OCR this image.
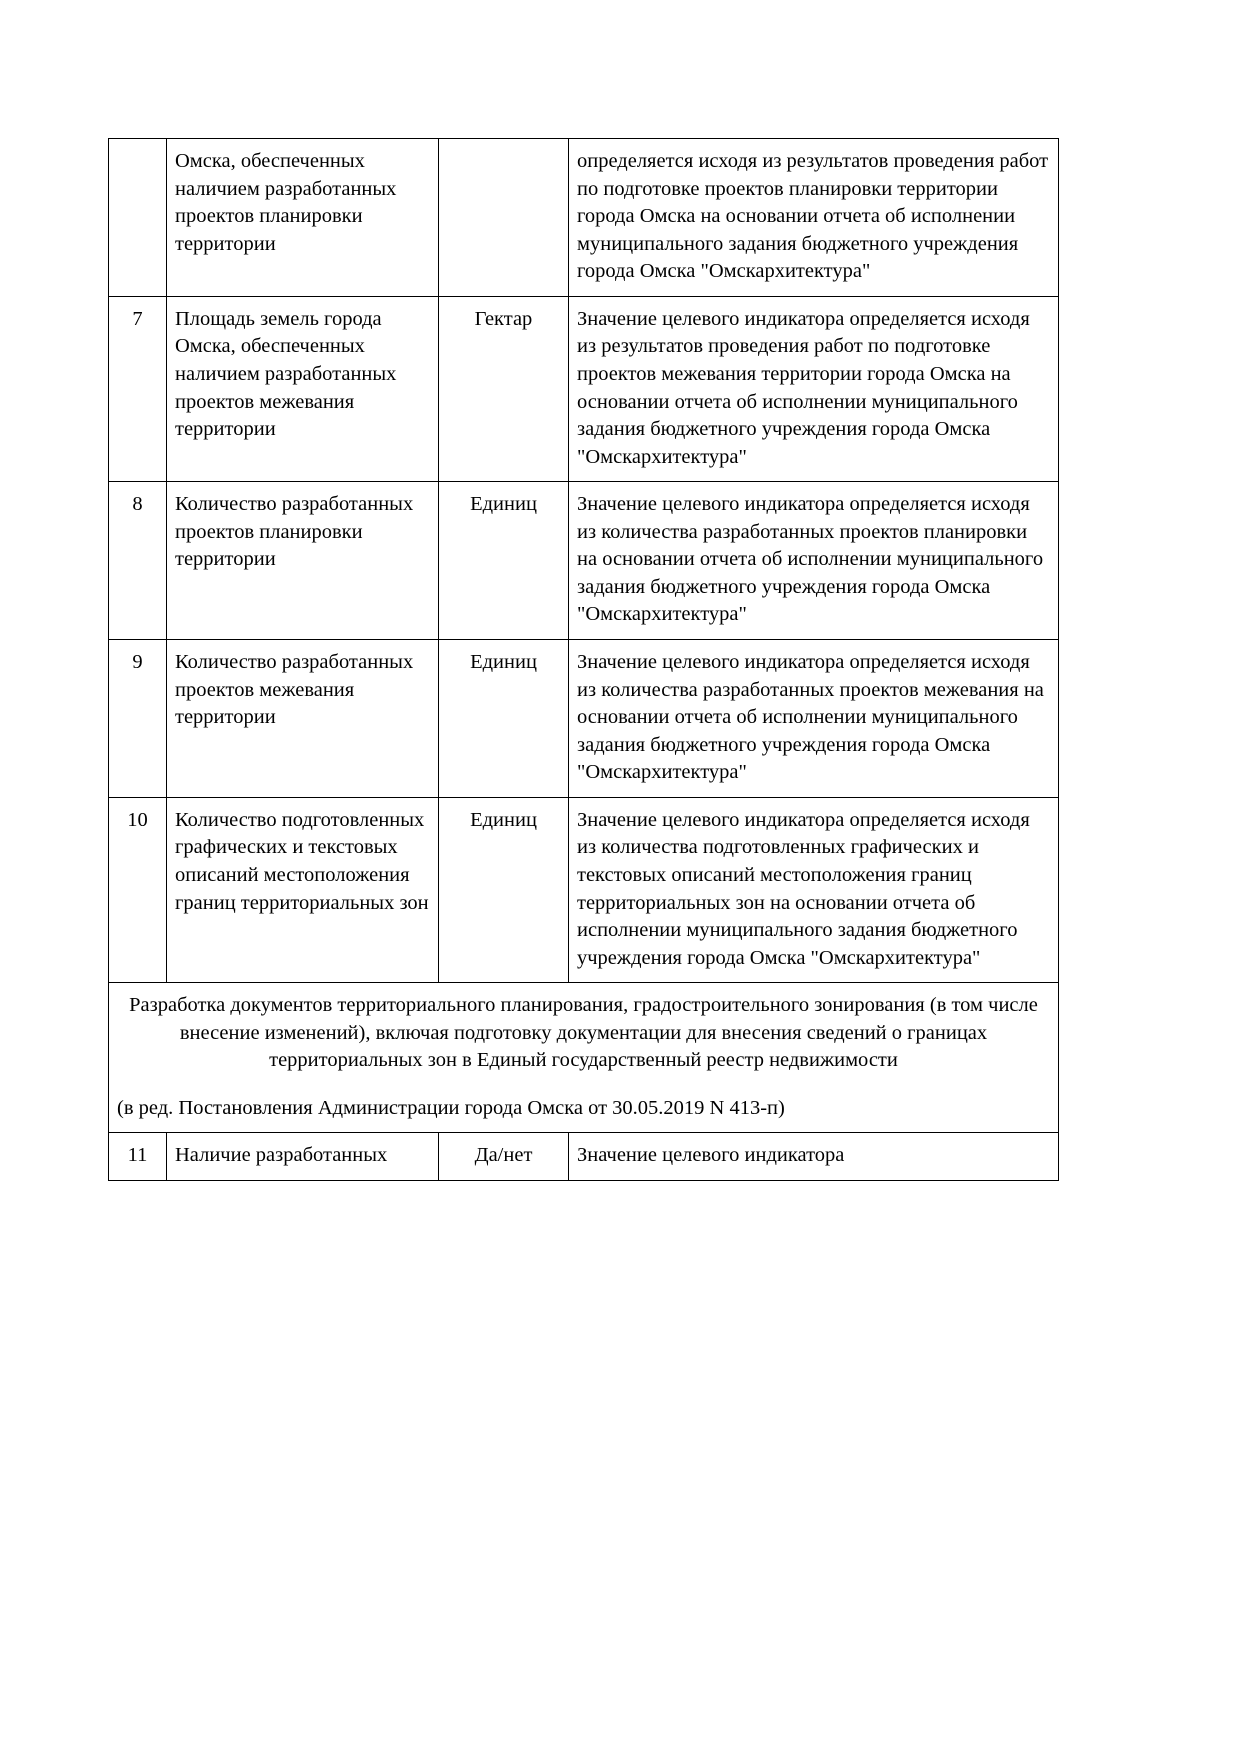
	Омска, обеспеченных наличием разработанных проектов планировки территории		определяется исходя из результатов проведения работ по подготовке проектов планировки территории города Омска на основании отчета об исполнении муниципального задания бюджетного учреждения города Омска "Омскархитектура"

7	Площадь земель города Омска, обеспеченных наличием разработанных проектов межевания территории	Гектар	Значение целевого индикатора определяется исходя из результатов проведения работ по подготовке проектов межевания территории города Омска на основании отчета об исполнении муниципального задания бюджетного учреждения города Омска "Омскархитектура"

8	Количество разработанных проектов планировки территории	Единиц	Значение целевого индикатора определяется исходя из количества разработанных проектов планировки на основании отчета об исполнении муниципального задания бюджетного учреждения города Омска "Омскархитектура"

9	Количество разработанных проектов межевания территории	Единиц	Значение целевого индикатора определяется исходя из количества разработанных проектов межевания на основании отчета об исполнении муниципального задания бюджетного учреждения города Омска "Омскархитектура"

10	Количество подготовленных графических и текстовых описаний местоположения границ территориальных зон	Единиц	Значение целевого индикатора определяется исходя из количества подготовленных графических и текстовых описаний местоположения границ территориальных зон на основании отчета об исполнении муниципального задания бюджетного учреждения города Омска "Омскархитектура"

Разработка документов территориального планирования, градостроительного зонирования (в том числе внесение изменений), включая подготовку документации для внесения сведений о границах территориальных зон в Единый государственный реестр недвижимости
(в ред. Постановления Администрации города Омска от 30.05.2019 N 413-п)			

11	Наличие разработанных	Да/нет	Значение целевого индикатора
